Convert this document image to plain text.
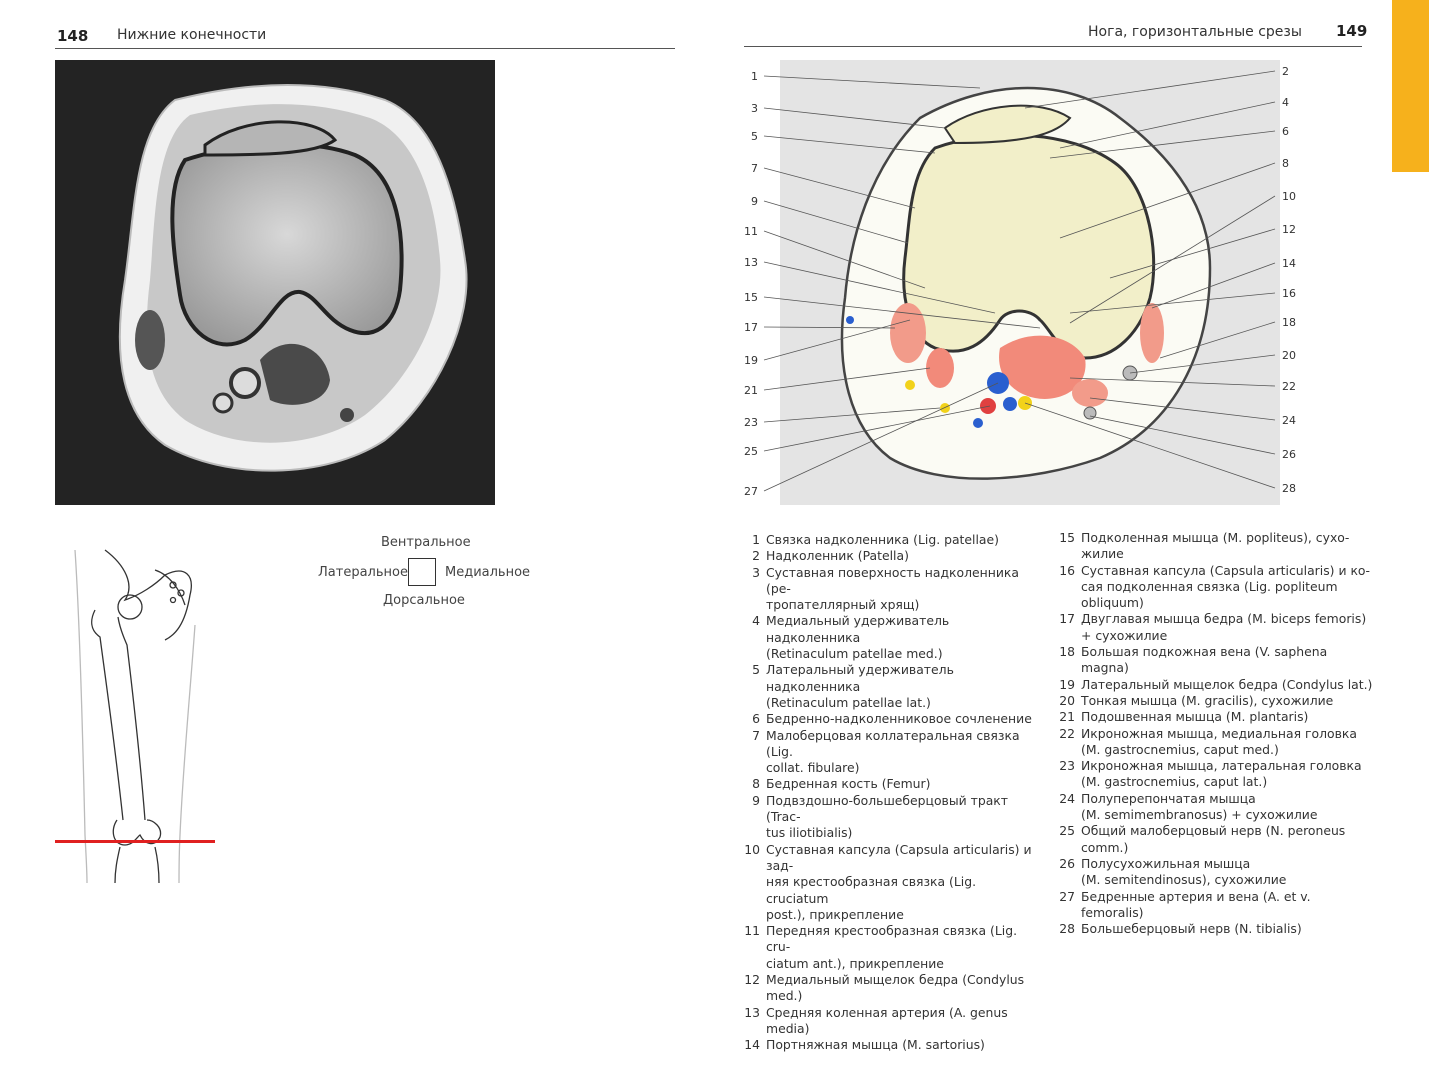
148 Нижние конечности	Нога, горизонтальные срезы 149
1
3
5
7
9
11
13
15
17
19
21
23
25
27
2
4
6
8
10
12
14
16
18
20
22
24
26
28
Вентральное
Латеральное	Медиальное
Дорсальное
1 Связка надколенника (Lig. patellae)
2 Надколенник (Patella)
3 Суставная поверхность надколенника (ре-
тропателлярный хрящ)
4 Медиальный удерживатель надколенника
(Retinaculum patellae med.)
5 Латеральный удерживатель надколенника
(Retinaculum patellae lat.)
6 Бедренно-надколенниковое сочленение
7 Малоберцовая коллатеральная связка (Lig.
collat. fibulare)
8 Бедренная кость (Femur)
9 Подвздошно-большеберцовый тракт (Trac-
tus iliotibialis)
10 Суставная капсула (Capsula articularis) и зад-
няя крестообразная связка (Lig. cruciatum
post.), прикрепление
11 Передняя крестообразная связка (Lig. cru-
ciatum ant.), прикрепление
12 Медиальный мыщелок бедра (Condylus
med.)
13 Средняя коленная артерия (A. genus media)
14 Портняжная мышца (M. sartorius)
15 Подколенная мышца (M. popliteus), сухо-
жилие
16 Суставная капсула (Capsula articularis) и ко-
сая подколенная связка (Lig. popliteum
obliquum)
17 Двуглавая мышца бедра (M. biceps femoris)
+ сухожилие
18 Большая подкожная вена (V. saphena magna)
19 Латеральный мыщелок бедра (Condylus lat.)
20 Тонкая мышца (M. gracilis), сухожилие
21 Подошвенная мышца (M. plantaris)
22 Икроножная мышца, медиальная головка
(M. gastrocnemius, caput med.)
23 Икроножная мышца, латеральная головка
(M. gastrocnemius, caput lat.)
24 Полуперепончатая мышца
(M. semimembranosus) + сухожилие
25 Общий малоберцовый нерв (N. peroneus
comm.)
26 Полусухожильная мышца
(M. semitendinosus), сухожилие
27 Бедренные артерия и вена (A. et v. femoralis)
28 Большеберцовый нерв (N. tibialis)
